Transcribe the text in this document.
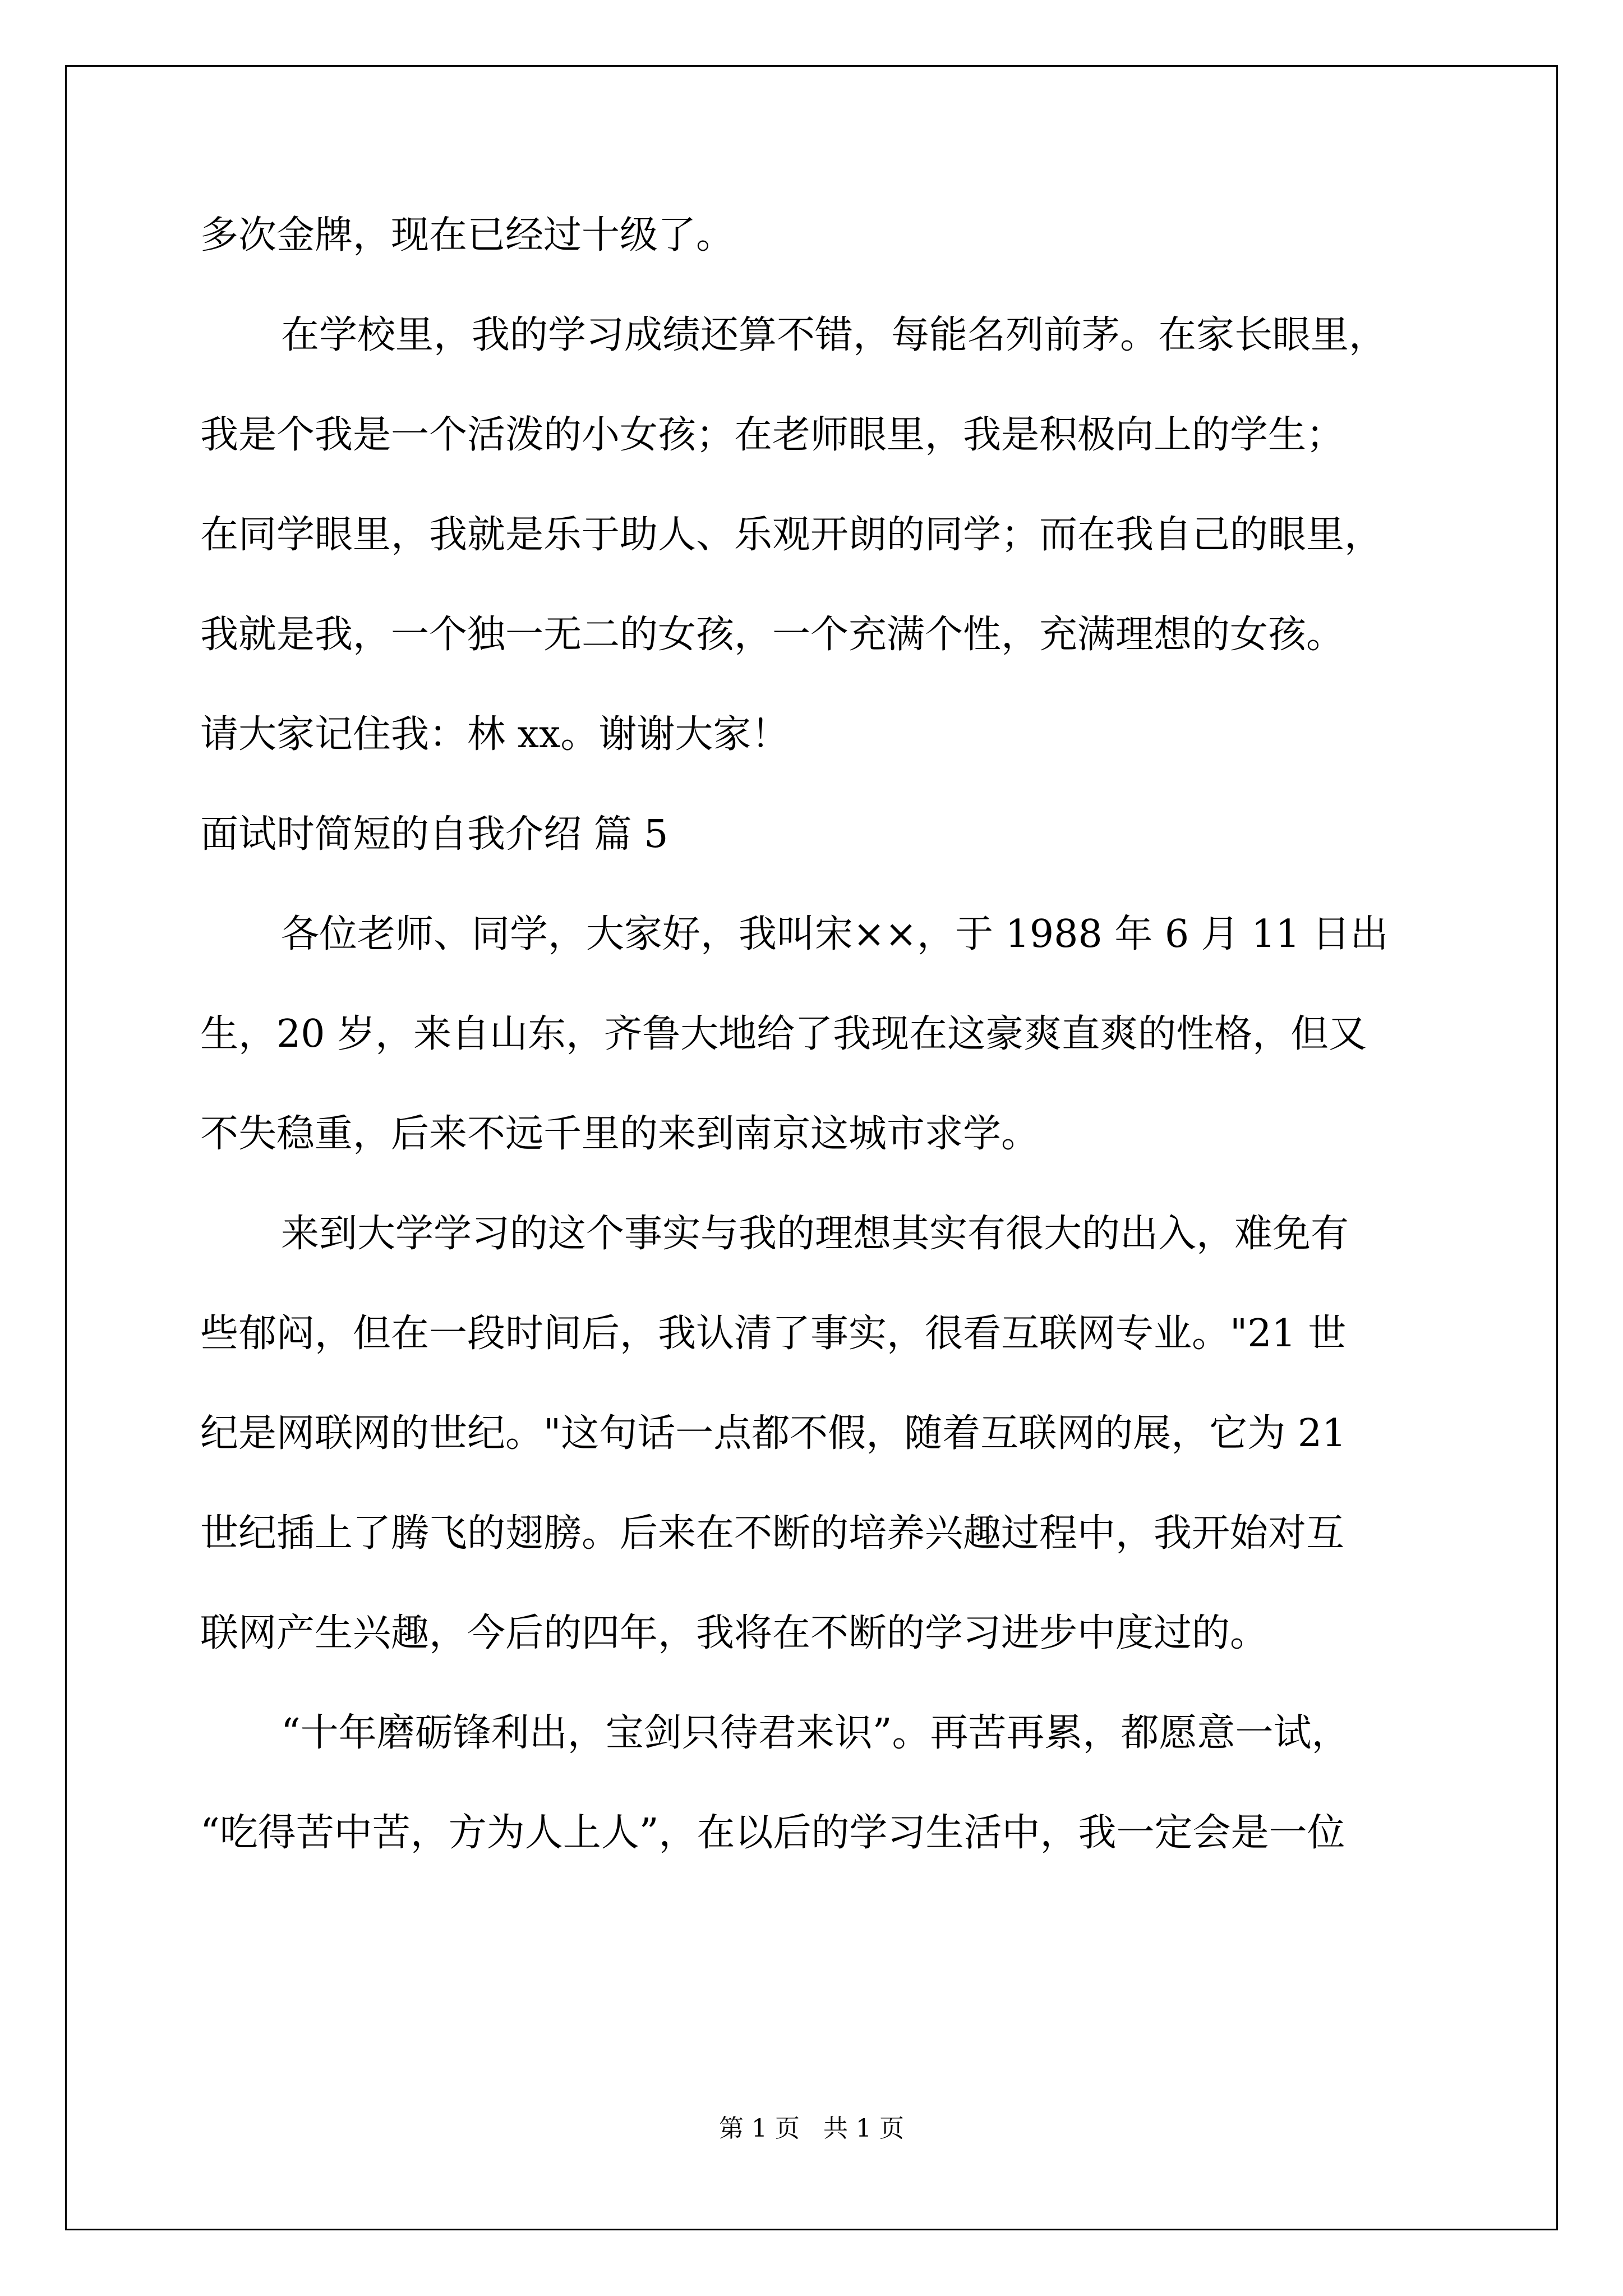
多次金牌，现在已经过十级了。
在学校里，我的学习成绩还算不错，每能名列前茅。在家长眼里，
我是个我是一个活泼的小女孩；在老师眼里，我是积极向上的学生；
在同学眼里，我就是乐于助人、乐观开朗的同学；而在我自己的眼里，
我就是我，一个独一无二的女孩，一个充满个性，充满理想的女孩。
请大家记住我：林 xx。谢谢大家！
面试时简短的自我介绍 篇 5
各位老师、同学，大家好，我叫宋××，于 1988 年 6 月 11 日出
生，20 岁，来自山东，齐鲁大地给了我现在这豪爽直爽的性格，但又
不失稳重，后来不远千里的来到南京这城市求学。
来到大学学习的这个事实与我的理想其实有很大的出入，难免有
些郁闷，但在一段时间后，我认清了事实，很看互联网专业。"21 世
纪是网联网的世纪。"这句话一点都不假，随着互联网的展，它为 21
世纪插上了腾飞的翅膀。后来在不断的培养兴趣过程中，我开始对互
联网产生兴趣，今后的四年，我将在不断的学习进步中度过的。
“十年磨砺锋利出，宝剑只待君来识”。再苦再累，都愿意一试，
“吃得苦中苦，方为人上人”，在以后的学习生活中，我一定会是一位
第 1 页   共 1 页
